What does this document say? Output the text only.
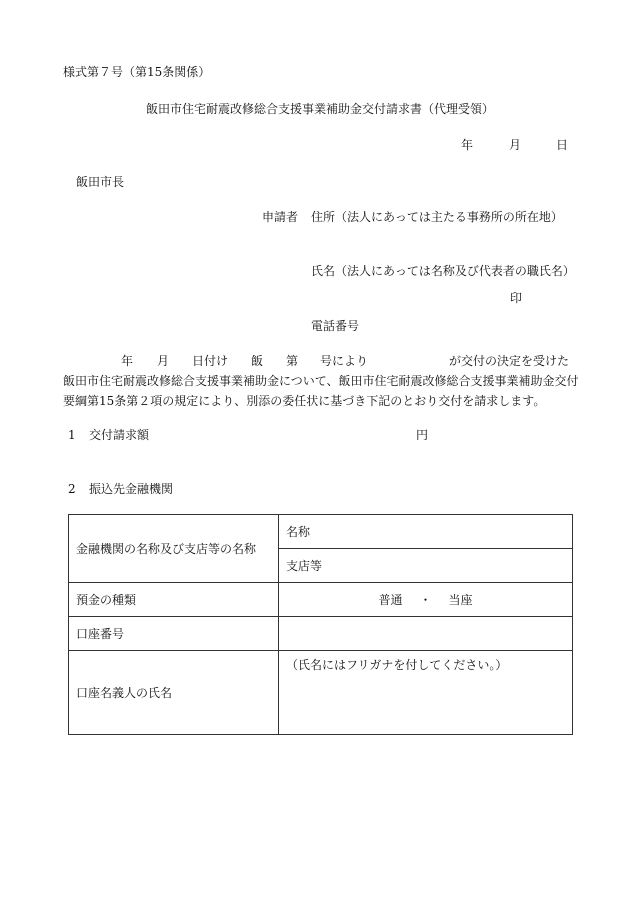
様式第７号（第15条関係）
飯田市住宅耐震改修総合支援事業補助金交付請求書（代理受領）
年	月	日
飯田市長
申請者 住所（法人にあっては主たる事務所の所在地）
氏名（法人にあっては名称及び代表者の職氏名）
印
電話番号
年 月 日付け 飯 第 号により	が交付の決定を受けた
飯田市住宅耐震改修総合支援事業補助金について、飯田市住宅耐震改修総合支援事業補助金交付
要綱第15条第２項の規定により、別添の委任状に基づき下記のとおり交付を請求します。
1 交付請求額	円
2 振込先金融機関
金融機関の名称及び支店等の名称	名称
	支店等
預金の種類	普通 ・ 当座
口座番号	
口座名義人の氏名	（氏名にはフリガナを付してください。）
